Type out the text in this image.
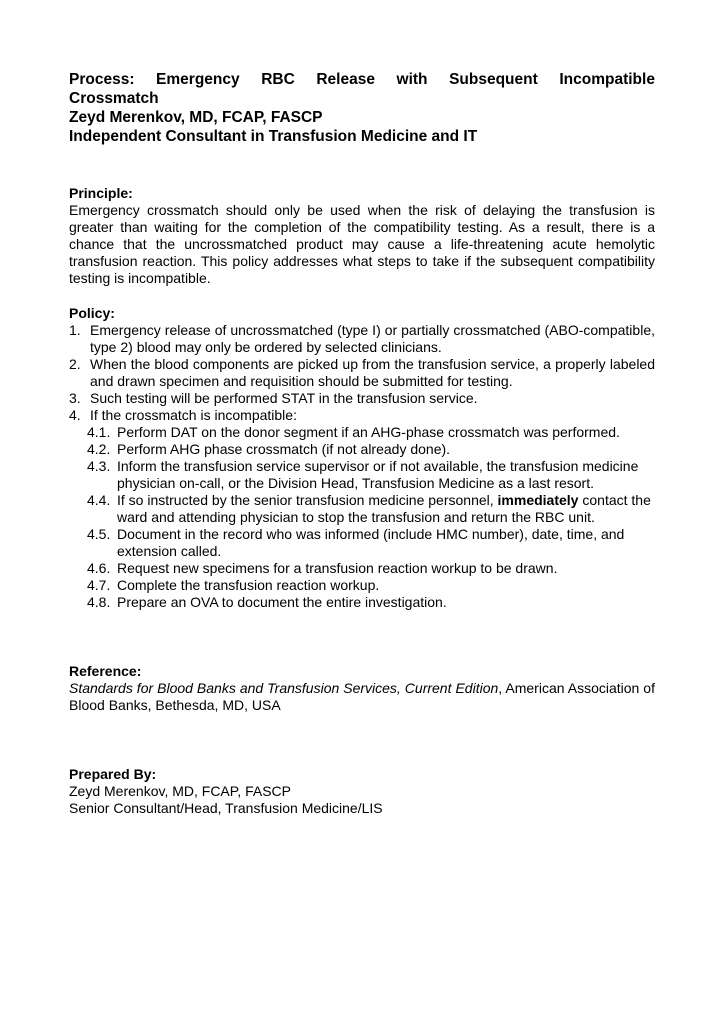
Process: Emergency RBC Release with Subsequent Incompatible
Crossmatch

Zeyd Merenkov, MD, FCAP, FASCP

Independent Consultant in Transfusion Medicine and IT

Principle:

Emergency crossmatch should only be used when the risk of delaying the transfusion is greater than waiting for the completion of the compatibility testing. As a result, there is a chance that the uncrossmatched product may cause a life-threatening acute hemolytic transfusion reaction. This policy addresses what steps to take if the subsequent compatibility testing is incompatible.

Policy:

1. Emergency release of uncrossmatched (type I) or partially crossmatched (ABO-compatible, type 2) blood may only be ordered by selected clinicians.
2. When the blood components are picked up from the transfusion service, a properly labeled and drawn specimen and requisition should be submitted for testing.
3. Such testing will be performed STAT in the transfusion service.
4. If the crossmatch is incompatible:
4.1. Perform DAT on the donor segment if an AHG-phase crossmatch was performed.
4.2. Perform AHG phase crossmatch (if not already done).
4.3. Inform the transfusion service supervisor or if not available, the transfusion medicine physician on-call, or the Division Head, Transfusion Medicine as a last resort.
4.4. If so instructed by the senior transfusion medicine personnel, immediately contact the ward and attending physician to stop the transfusion and return the RBC unit.
4.5. Document in the record who was informed (include HMC number), date, time, and extension called.
4.6. Request new specimens for a transfusion reaction workup to be drawn.
4.7. Complete the transfusion reaction workup.
4.8. Prepare an OVA to document the entire investigation.

Reference:

Standards for Blood Banks and Transfusion Services, Current Edition, American Association of Blood Banks, Bethesda, MD, USA

Prepared By:

Zeyd Merenkov, MD, FCAP, FASCP

Senior Consultant/Head, Transfusion Medicine/LIS
